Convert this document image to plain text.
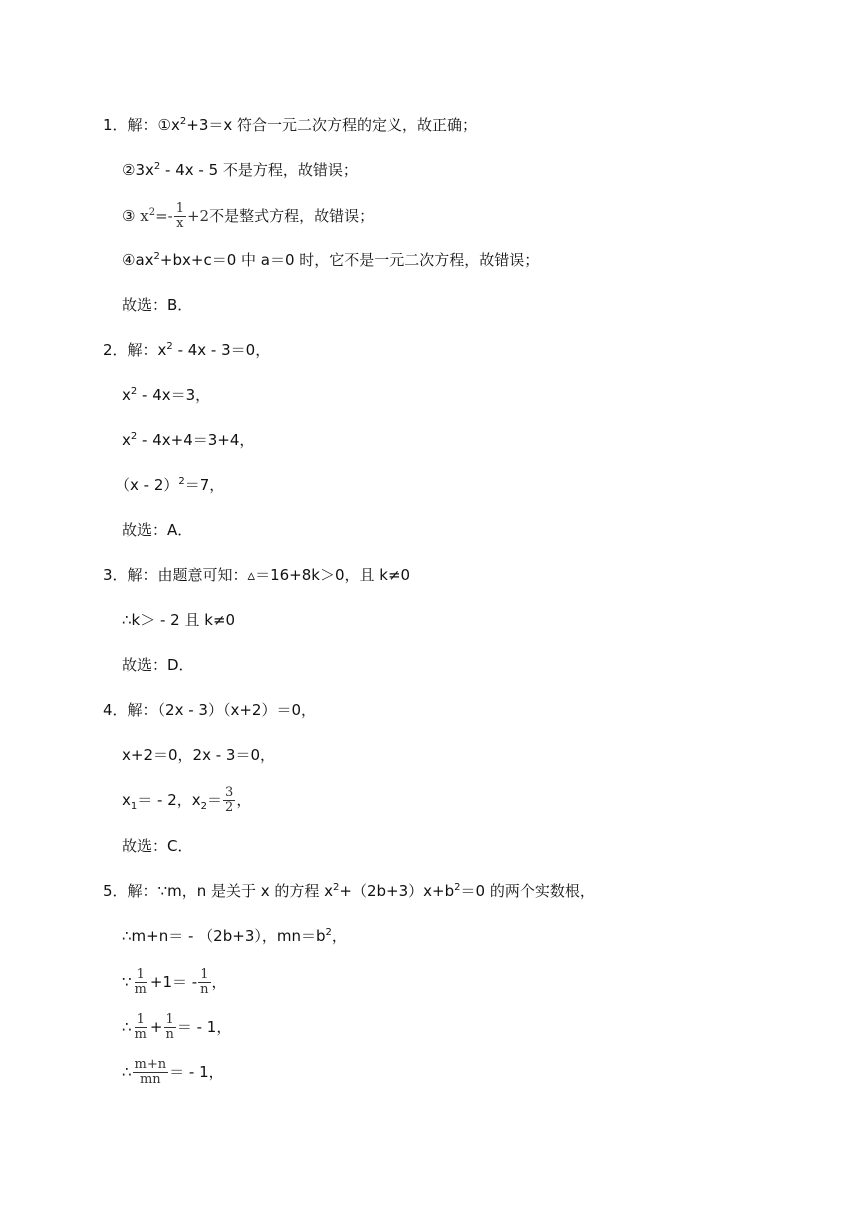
1．解：$①x^2+3=x$ 符合一元二次方程的定义，故正确；
$②3x^2 - 4x - 5$ 不是方程，故错误；
③ $x^2=- \frac{1}{x} +2$不是整式方程，故错误；
$④ax^2+bx+c=0$ 中 a＝0 时，它不是一元二次方程，故错误；
故选：B．
2．解：$x^2 - 4x - 3=0$，
$x^2 - 4x=3$，
$x^2 - 4x+4=3+4$，
（x - 2）$^2$＝7，
故选：A．
3．解：由题意可知：▵＝16+8k＞0，且 k≠0
∴k＞ - 2 且 k≠0
故选：D．
4．解：（2x - 3）（x+2）＝0，
x+2＝0，2x - 3＝0，
$x_1= - 2$，$x_2= \frac{3}{2}$ ，
故选：C．
5．解：∵m，n 是关于 x 的方程 $x^2+(2b+3)x+b^2=0$ 的两个实数根，
∴m+n＝ - （2b+3），$mn=b^2$，
∵ $\frac{1}{m} +1= - \frac{1}{n}$ ，
∴ $\frac{1}{m} + \frac{1}{n}$ ＝ - 1，
∴ $\frac{m+n}{mn}$ ＝ - 1，
